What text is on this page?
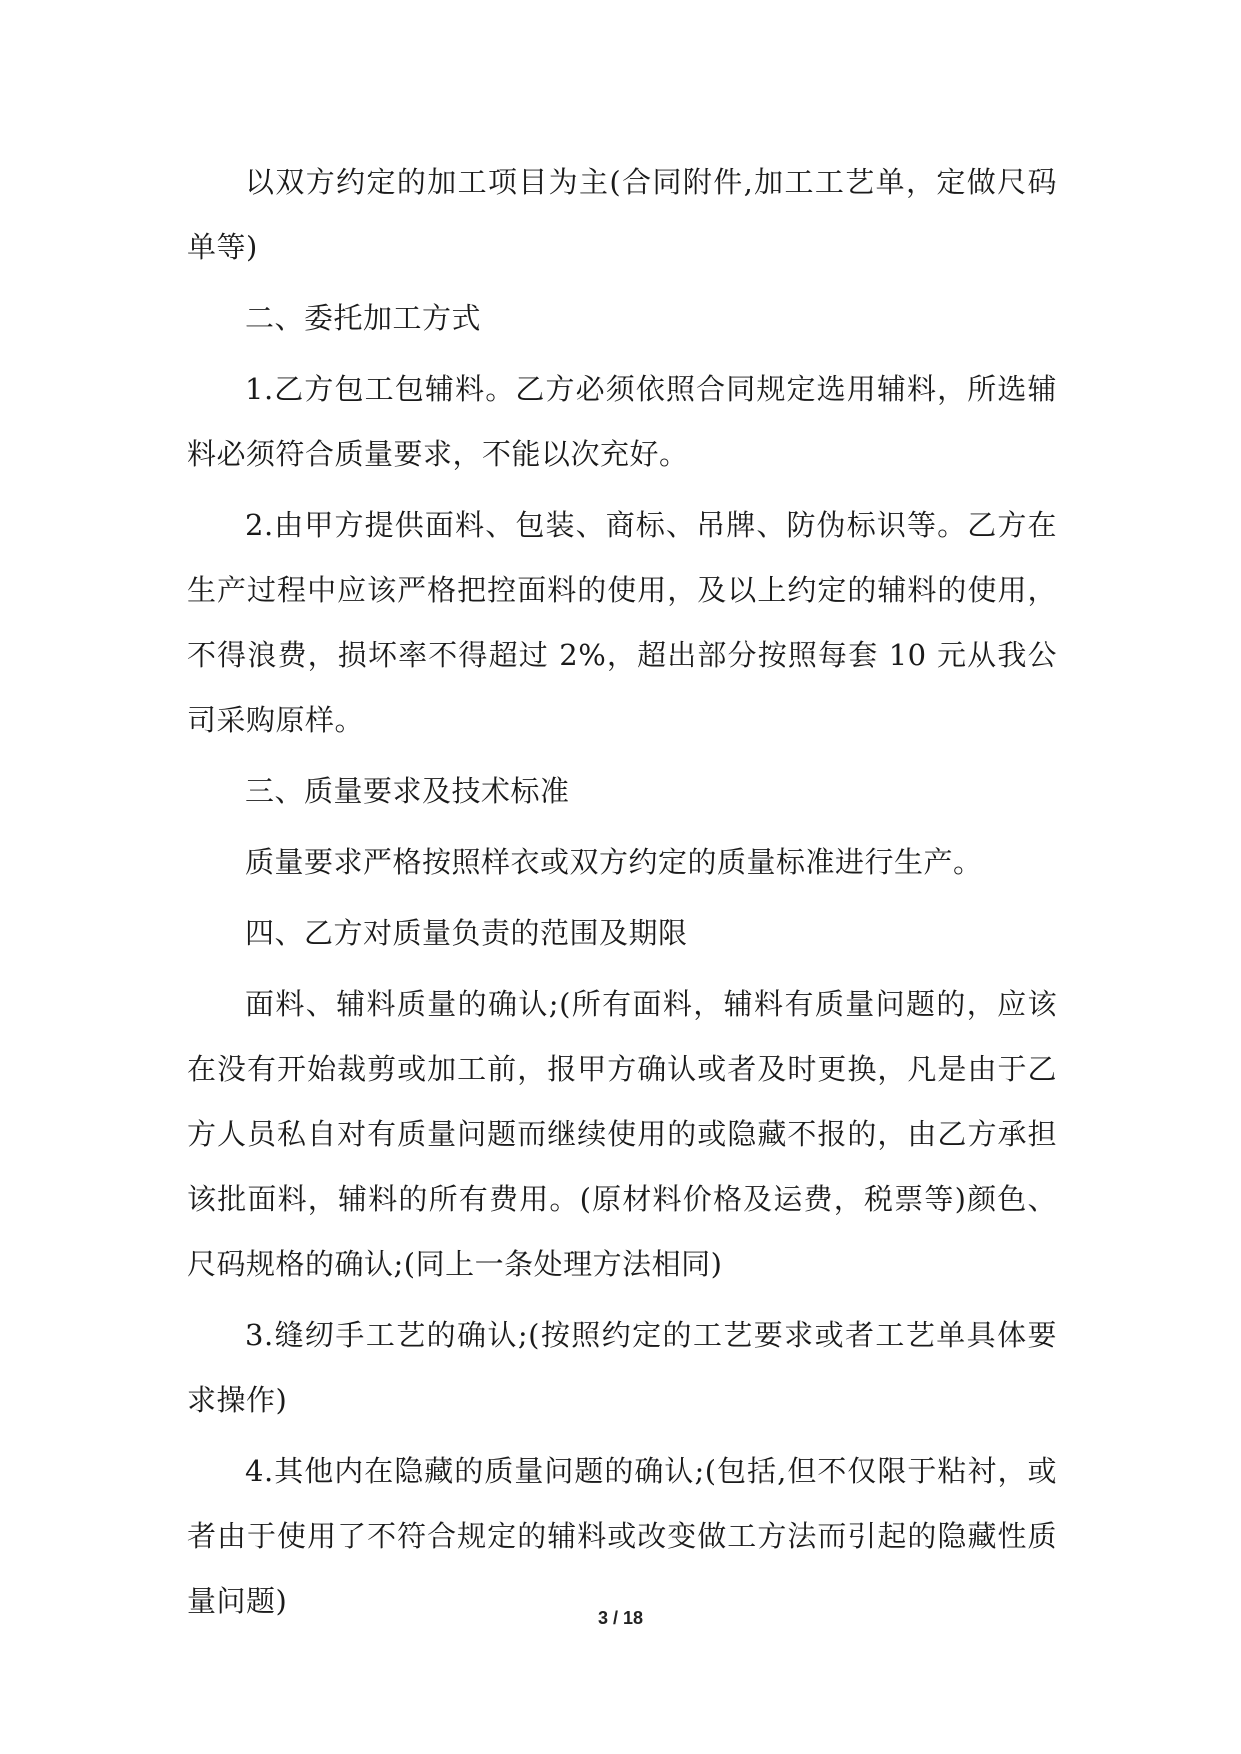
以双方约定的加工项目为主(合同附件,加工工艺单，定做尺码单等)

二、委托加工方式

1.乙方包工包辅料。乙方必须依照合同规定选用辅料，所选辅料必须符合质量要求，不能以次充好。

2.由甲方提供面料、包装、商标、吊牌、防伪标识等。乙方在生产过程中应该严格把控面料的使用，及以上约定的辅料的使用，不得浪费，损坏率不得超过 2%，超出部分按照每套 10 元从我公司采购原样。

三、质量要求及技术标准

质量要求严格按照样衣或双方约定的质量标准进行生产。

四、乙方对质量负责的范围及期限

面料、辅料质量的确认;(所有面料，辅料有质量问题的，应该在没有开始裁剪或加工前，报甲方确认或者及时更换，凡是由于乙方人员私自对有质量问题而继续使用的或隐藏不报的，由乙方承担该批面料，辅料的所有费用。(原材料价格及运费，税票等)颜色、尺码规格的确认;(同上一条处理方法相同)

3.缝纫手工艺的确认;(按照约定的工艺要求或者工艺单具体要求操作)

4.其他内在隐藏的质量问题的确认;(包括,但不仅限于粘衬，或者由于使用了不符合规定的辅料或改变做工方法而引起的隐藏性质量问题)	3 / 18
